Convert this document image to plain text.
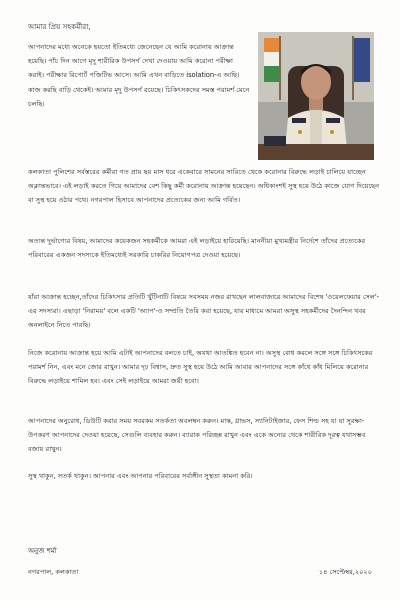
আমার প্রিয় সহকর্মীরা,

আপনাদের মধ্যে অনেকে হয়তো ইতিমধ্যে জেনেছেন যে আমি করোনায় আক্রান্ত হয়েছি। পাঁচ দিন আগে মৃদু শারীরিক উপসর্গ দেখা দেওয়ায় আমি করোনা পরীক্ষা করাই। পরীক্ষার রিপোর্ট পজিটিভ আসে। আমি এখন বাড়িতে isolation-এ আছি। কাজ করছি বাড়ি থেকেই। আমার মৃদু উপসর্গ রয়েছে। চিকিৎসকদের সমস্ত পরামর্শ মেনে চলছি।

কলকাতা পুলিশের সর্বস্তরের কর্মীরা গত প্রায় ছয় মাস ধরে একেবারে সামনের সারিতে থেকে করোনার বিরুদ্ধে লড়াই চালিয়ে যাচ্ছেন অক্লান্তভাবে। এই লড়াই করতে গিয়ে আমাদের বেশ কিছু কর্মী করোনায় আক্রান্ত হয়েছেন। অধিকাংশই সুস্থ হয়ে উঠে কাজে যোগ দিয়েছেন বা সুস্থ হয়ে ওঠার পথে। নগরপাল হিসাবে আপনাদের প্রত্যেকের জন্য আমি গর্বিত।

অত্যন্ত দুর্ভাগ্যের বিষয়, আমাদের কয়েকজন সহকর্মীকে আমরা এই লড়াইয়ে হারিয়েছি। মাননীয়া মুখ্যমন্ত্রীর নির্দেশে তাঁদের প্রত্যেকের পরিবারের একজন সদস্যকে ইতিমধ্যেই সরকারি চাকরির নিয়োগপত্র দেওয়া হয়েছে।

যাঁরা আক্রান্ত হচ্ছেন,তাঁদের চিকিৎসার প্রতিটি খুঁটিনাটি বিষয়ে সবসময় নজর রাখছেন লালবাজারে আমাদের বিশেষ 'ওয়েলফেয়ার সেল'-এর সদস্যরা। এছাড়া 'নিরাময়' বলে একটি 'অ্যাপ'-ও সম্প্রতি তৈরি করা হয়েছে, যার মাধ্যমে আমরা অসুস্থ সহকর্মীদের দৈনন্দিন খবর অনলাইনে নিতে পারছি।

নিজে করোনায় আক্রান্ত হয়ে আমি এটাই আপনাদের বলতে চাই, অযথা আতঙ্কিত হবেন না। অসুস্থ বোধ করলে সঙ্গে সঙ্গে চিকিৎসকের পরামর্শ নিন, এবং মনে জোর রাখুন। আমার দৃঢ় বিশ্বাস, দ্রুত সুস্থ হয়ে উঠে আমি আবার আপনাদের সঙ্গে কাঁধে কাঁধ মিলিয়ে করোনার বিরুদ্ধে লড়াইয়ে শামিল হব। এবং সেই লড়াইয়ে আমরা জয়ী হবো।

আপনাদের অনুরোধ, ডিউটি করার সময় সবরকম সতর্কতা অবলম্বন করুন। মাস্ক, গ্লাভস, স্যানিটাইজার, ফেস শিল্ড সহ যা যা সুরক্ষা-উপকরণ আপনাদের দেওয়া হয়েছে, সেগুলি ব্যবহার করুন। ব্যারাক পরিচ্ছন্ন রাখুন এবং একে অন্যের থেকে শারীরিক দূরত্ব যথাসম্ভব বজায় রাখুন।

সুস্থ থাকুন, সতর্ক থাকুন। আপনার এবং আপনার পরিবারের সর্বাঙ্গীন সুস্থতা কামনা করি।

অনুজ শর্মা

নগরপাল, কলকাতা	১৪ সেপ্টেম্বর,২০২০
